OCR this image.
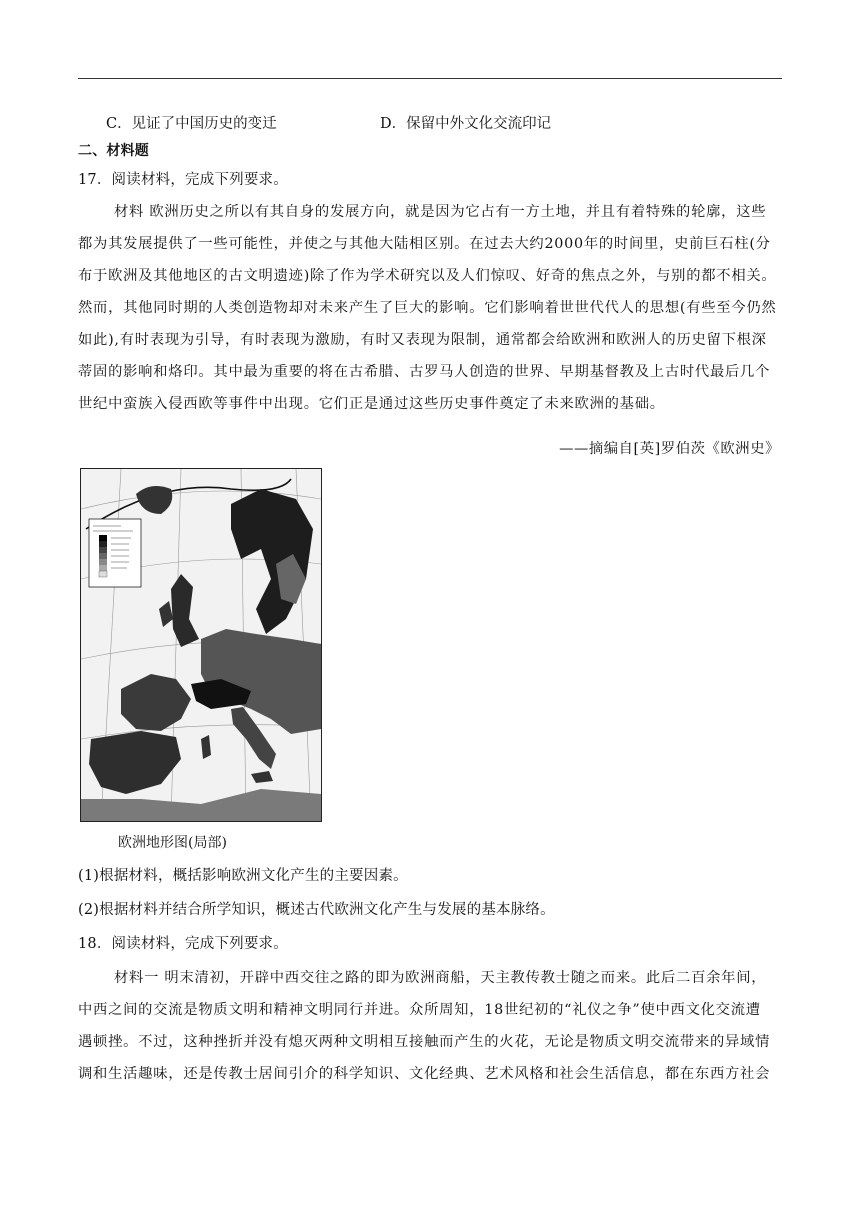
C．见证了中国历史的变迁	D．保留中外文化交流印记
二、材料题
17．阅读材料，完成下列要求。

材料 欧洲历史之所以有其自身的发展方向，就是因为它占有一方土地，并且有着特殊的轮廓，这些

都为其发展提供了一些可能性，并使之与其他大陆相区别。在过去大约2000年的时间里，史前巨石柱(分

布于欧洲及其他地区的古文明遗迹)除了作为学术研究以及人们惊叹、好奇的焦点之外，与别的都不相关。

然而，其他同时期的人类创造物却对未来产生了巨大的影响。它们影响着世世代代人的思想(有些至今仍然

如此),有时表现为引导，有时表现为激励，有时又表现为限制，通常都会给欧洲和欧洲人的历史留下根深

蒂固的影响和烙印。其中最为重要的将在古希腊、古罗马人创造的世界、早期基督教及上古时代最后几个

世纪中蛮族入侵西欧等事件中出现。它们正是通过这些历史事件奠定了未来欧洲的基础。

——摘编自[英]罗伯茨《欧洲史》
欧洲地形图(局部)
(1)根据材料，概括影响欧洲文化产生的主要因素。
(2)根据材料并结合所学知识，概述古代欧洲文化产生与发展的基本脉络。
18．阅读材料，完成下列要求。

材料一 明末清初，开辟中西交往之路的即为欧洲商船，天主教传教士随之而来。此后二百余年间，

中西之间的交流是物质文明和精神文明同行并进。众所周知，18世纪初的“礼仪之争”使中西文化交流遭

遇顿挫。不过，这种挫折并没有熄灭两种文明相互接触而产生的火花，无论是物质文明交流带来的异域情

调和生活趣味，还是传教士居间引介的科学知识、文化经典、艺术风格和社会生活信息，都在东西方社会
